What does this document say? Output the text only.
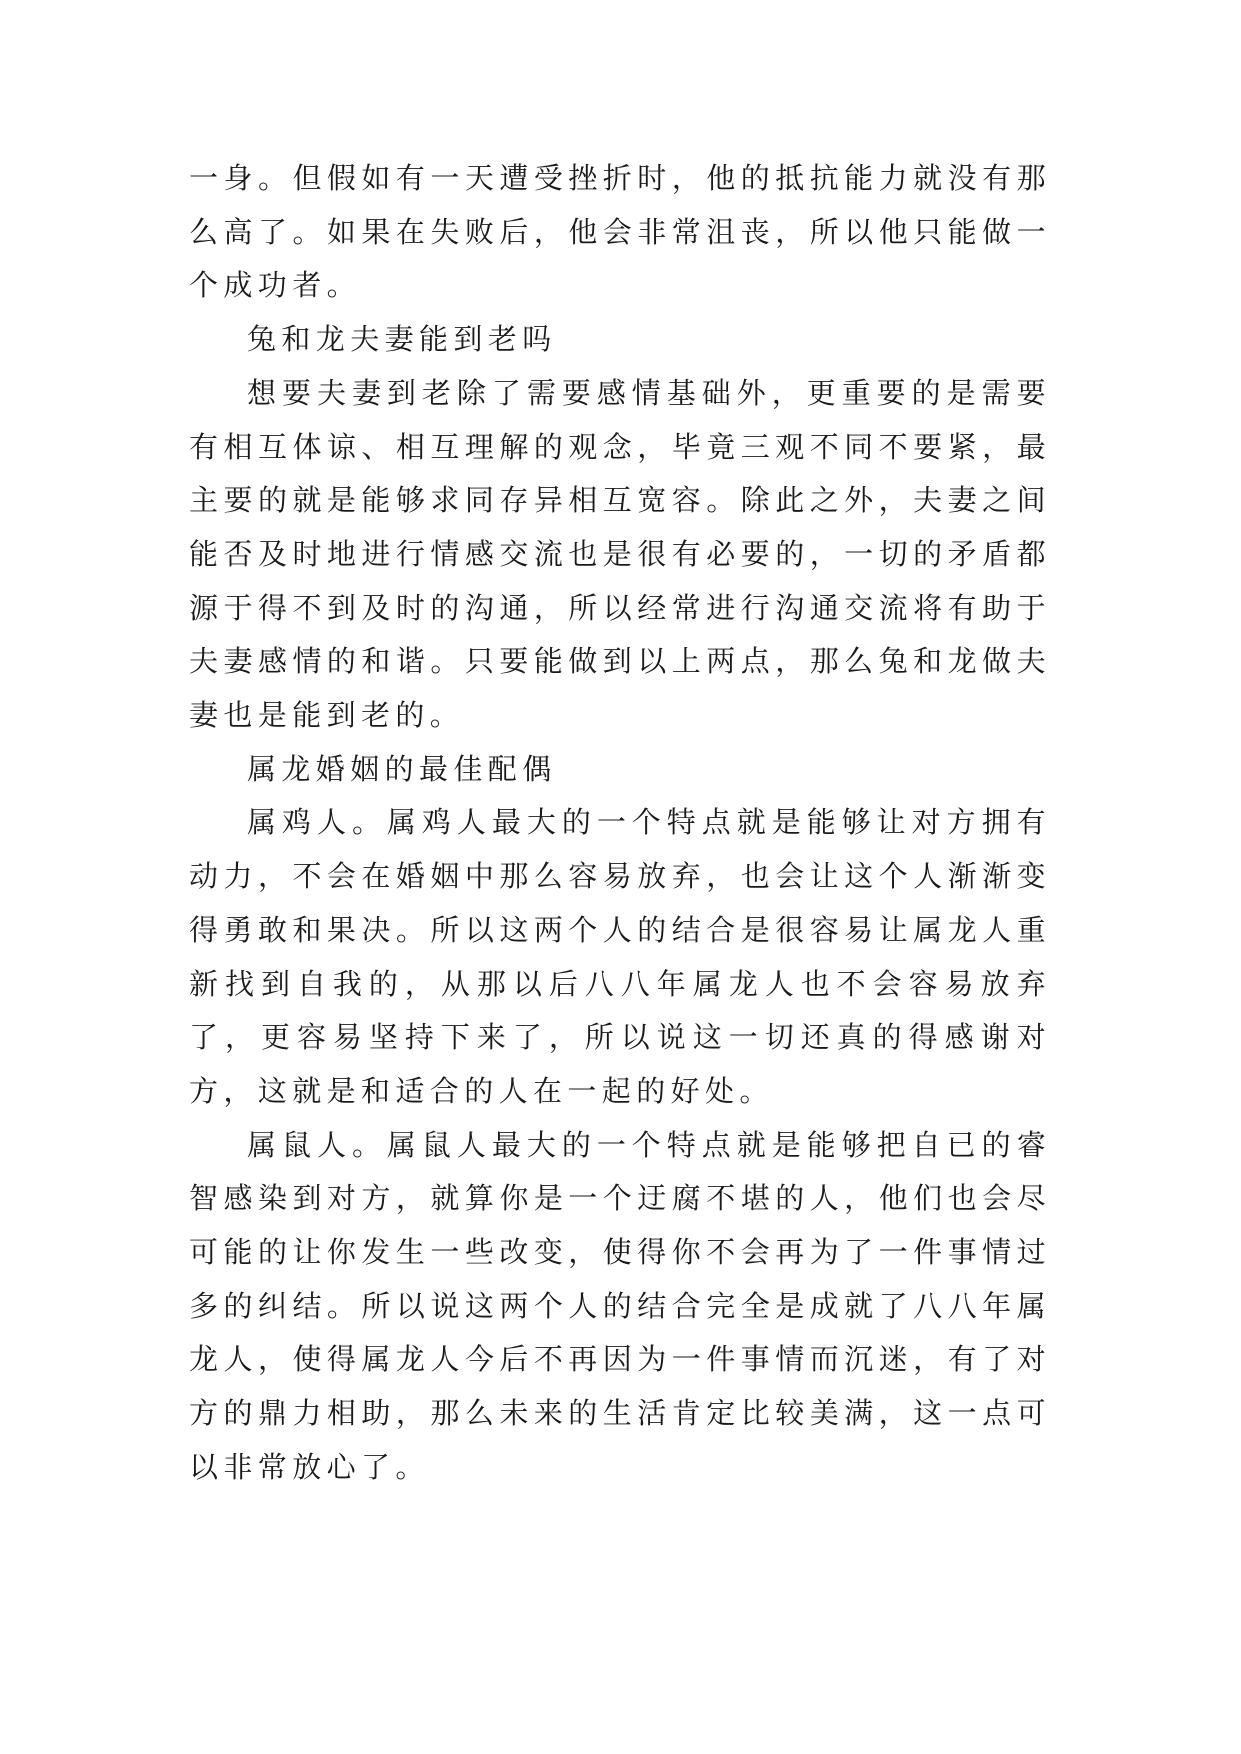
一身。但假如有一天遭受挫折时，他的抵抗能力就没有那么高了。如果在失败后，他会非常沮丧，所以他只能做一个成功者。

兔和龙夫妻能到老吗

想要夫妻到老除了需要感情基础外，更重要的是需要有相互体谅、相互理解的观念，毕竟三观不同不要紧，最主要的就是能够求同存异相互宽容。除此之外，夫妻之间能否及时地进行情感交流也是很有必要的，一切的矛盾都源于得不到及时的沟通，所以经常进行沟通交流将有助于夫妻感情的和谐。只要能做到以上两点，那么兔和龙做夫妻也是能到老的。

属龙婚姻的最佳配偶

属鸡人。属鸡人最大的一个特点就是能够让对方拥有动力，不会在婚姻中那么容易放弃，也会让这个人渐渐变得勇敢和果决。所以这两个人的结合是很容易让属龙人重新找到自我的，从那以后八八年属龙人也不会容易放弃了，更容易坚持下来了，所以说这一切还真的得感谢对方，这就是和适合的人在一起的好处。

属鼠人。属鼠人最大的一个特点就是能够把自已的睿智感染到对方，就算你是一个迂腐不堪的人，他们也会尽可能的让你发生一些改变，使得你不会再为了一件事情过多的纠结。所以说这两个人的结合完全是成就了八八年属龙人，使得属龙人今后不再因为一件事情而沉迷，有了对方的鼎力相助，那么未来的生活肯定比较美满，这一点可以非常放心了。
